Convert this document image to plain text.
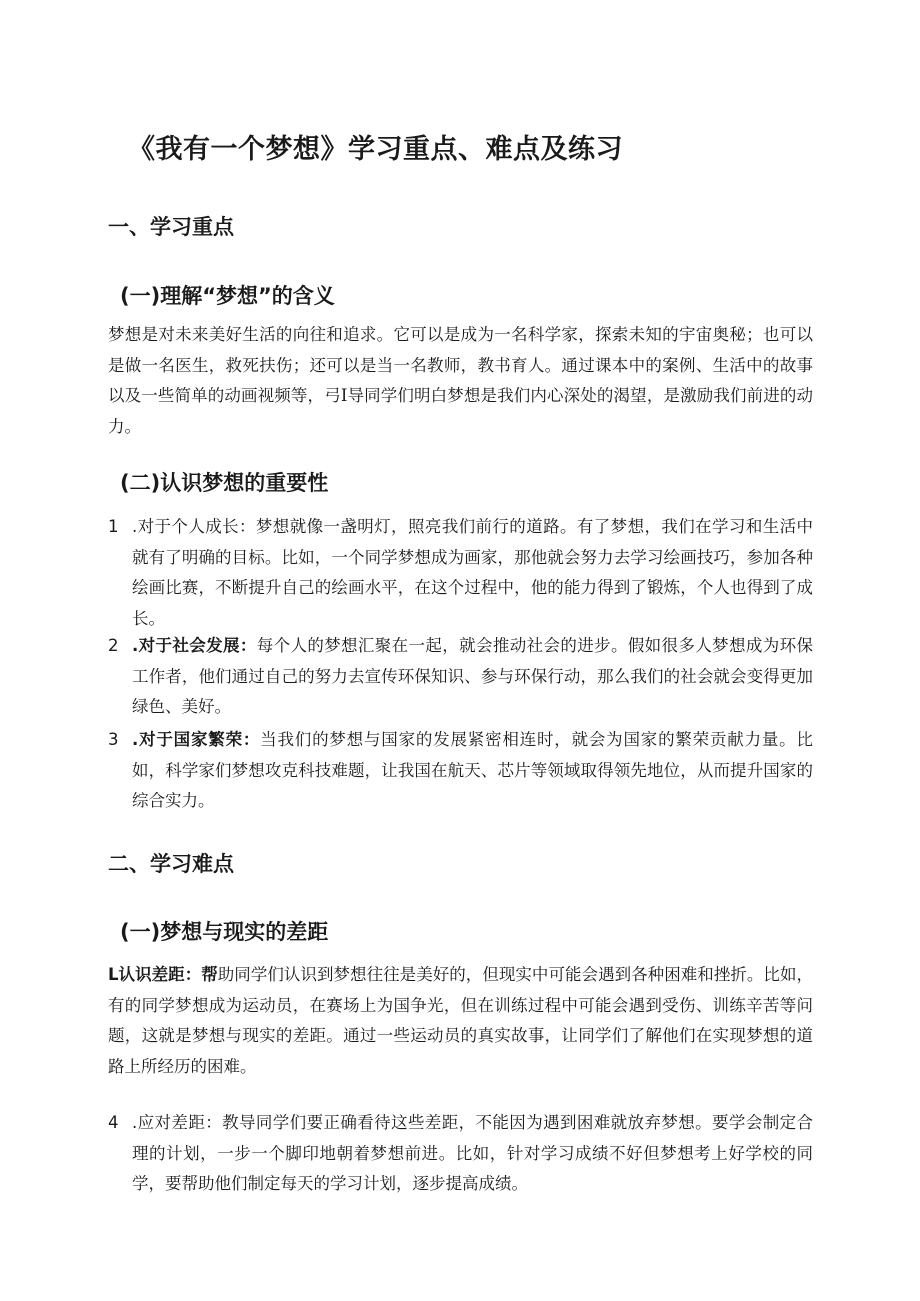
《我有一个梦想》学习重点、难点及练习
一、学习重点
(一)理解“梦想”的含义

梦想是对未来美好生活的向往和追求。它可以是成为一名科学家，探索未知的宇宙奥秘；也可以是做一名医生，救死扶伤；还可以是当一名教师，教书育人。通过课本中的案例、生活中的故事以及一些简单的动画视频等，弓I导同学们明白梦想是我们内心深处的渴望，是激励我们前进的动力。

(二)认识梦想的重要性
1 .对于个人成长：梦想就像一盏明灯，照亮我们前行的道路。有了梦想，我们在学习和生活中就有了明确的目标。比如，一个同学梦想成为画家，那他就会努力去学习绘画技巧，参加各种绘画比赛，不断提升自己的绘画水平，在这个过程中，他的能力得到了锻炼，个人也得到了成长。
2 .对于社会发展：每个人的梦想汇聚在一起，就会推动社会的进步。假如很多人梦想成为环保工作者，他们通过自己的努力去宣传环保知识、参与环保行动，那么我们的社会就会变得更加绿色、美好。
3 .对于国家繁荣：当我们的梦想与国家的发展紧密相连时，就会为国家的繁荣贡献力量。比如，科学家们梦想攻克科技难题，让我国在航天、芯片等领域取得领先地位，从而提升国家的综合实力。
二、学习难点
(一)梦想与现实的差距
L认识差距：帮助同学们认识到梦想往往是美好的，但现实中可能会遇到各种困难和挫折。比如，有的同学梦想成为运动员，在赛场上为国争光，但在训练过程中可能会遇到受伤、训练辛苦等问题，这就是梦想与现实的差距。通过一些运动员的真实故事，让同学们了解他们在实现梦想的道路上所经历的困难。
4 .应对差距：教导同学们要正确看待这些差距，不能因为遇到困难就放弃梦想。要学会制定合理的计划，一步一个脚印地朝着梦想前进。比如，针对学习成绩不好但梦想考上好学校的同学，要帮助他们制定每天的学习计划，逐步提高成绩。
